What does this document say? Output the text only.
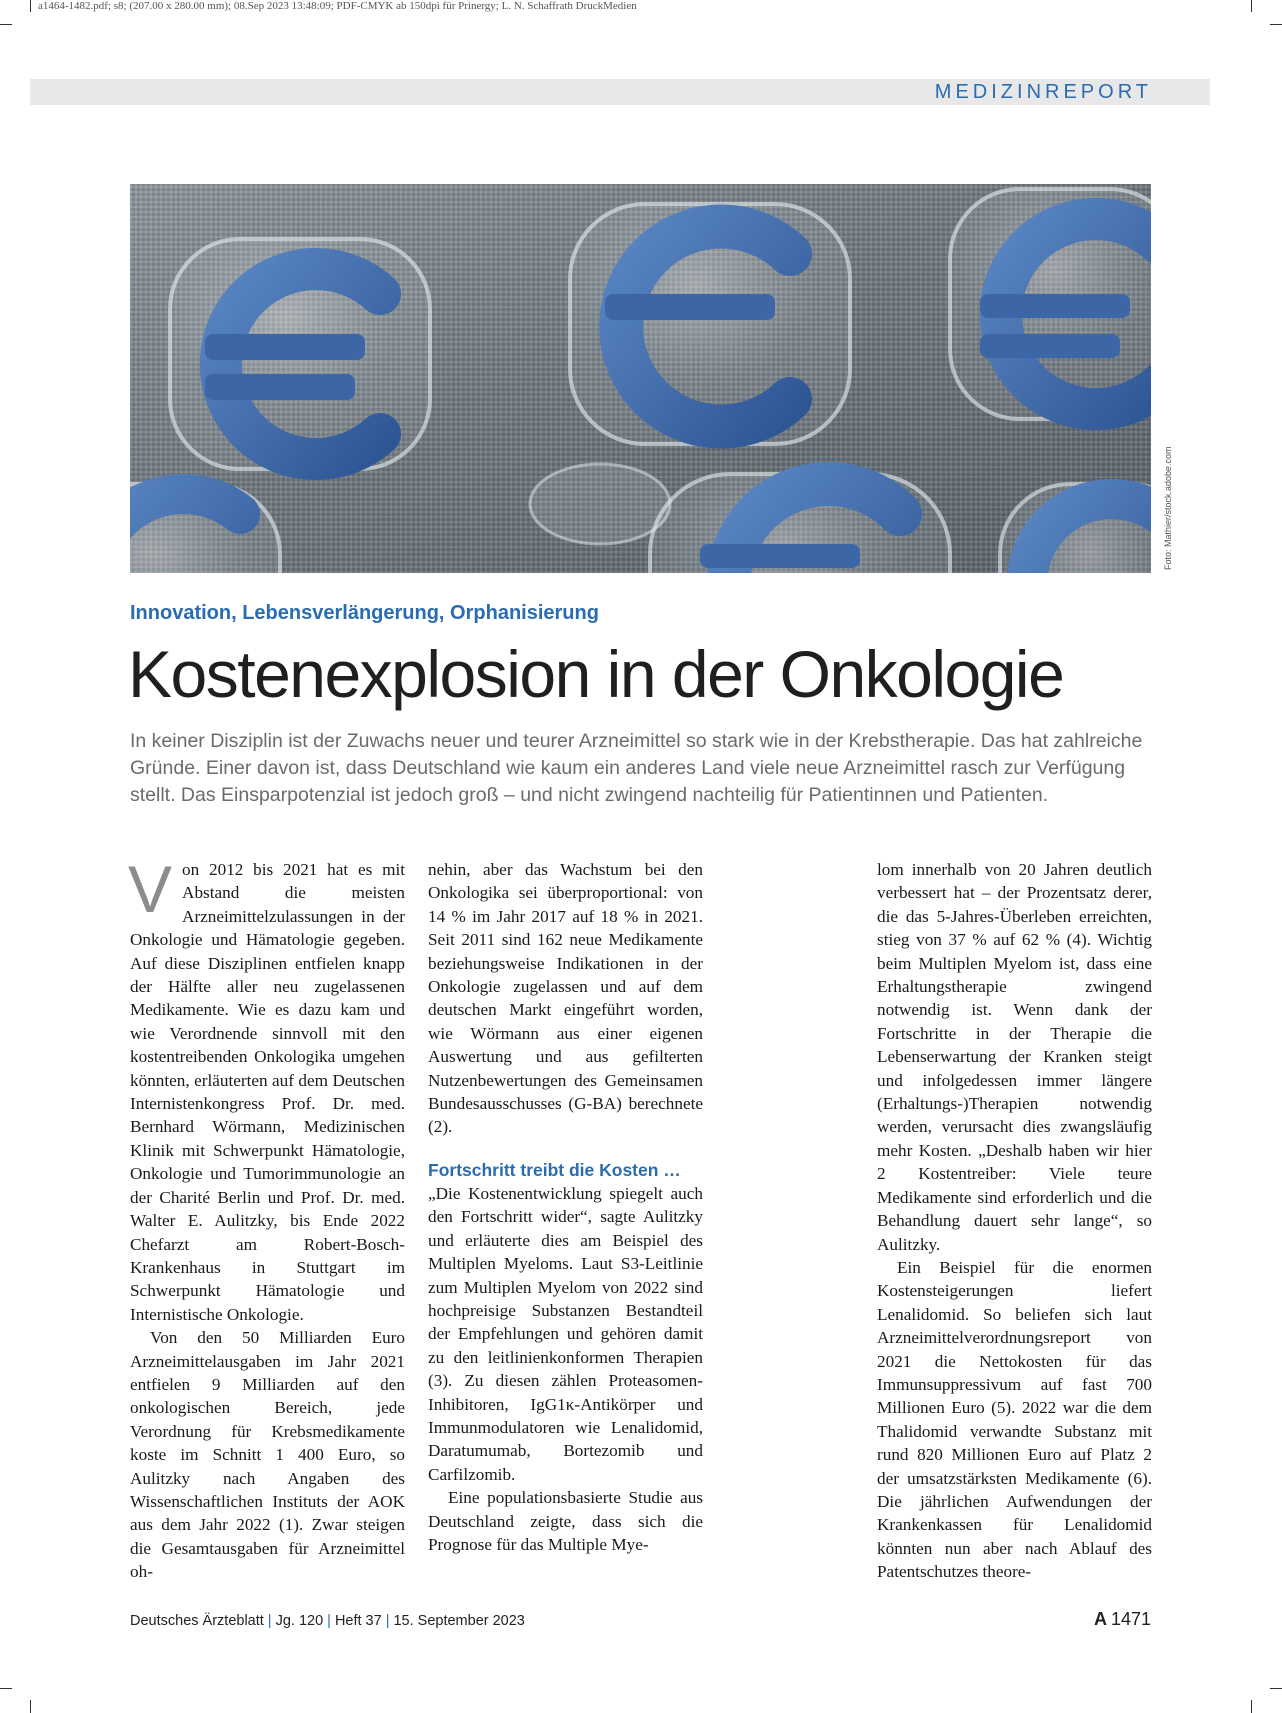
a1464-1482.pdf; s8; (207.00 x 280.00 mm); 08.Sep 2023 13:48:09; PDF-CMYK ab 150dpi für Prinergy; L. N. Schaffrath DruckMedien
MEDIZINREPORT
Foto: Mathier/stock.adobe.com
Innovation, Lebensverlängerung, Orphanisierung
Kostenexplosion in der Onkologie

In keiner Disziplin ist der Zuwachs neuer und teurer Arzneimittel so stark wie in der Krebstherapie. Das hat zahlreiche Gründe. Einer davon ist, dass Deutschland wie kaum ein anderes Land viele neue Arzneimittel rasch zur Verfügung stellt. Das Einsparpotenzial ist jedoch groß – und nicht zwingend nachteilig für Patientinnen und Patienten.

Von 2012 bis 2021 hat es mit Abstand die meisten Arzneimittelzulassungen in der Onkologie und Hämatologie gegeben. Auf diese Disziplinen entfielen knapp der Hälfte aller neu zugelassenen Medikamente. Wie es dazu kam und wie Verordnende sinnvoll mit den kostentreibenden Onkologika umgehen könnten, erläuterten auf dem Deutschen Internistenkongress Prof. Dr. med. Bernhard Wörmann, Medizinischen Klinik mit Schwerpunkt Hämatologie, Onkologie und Tumorimmunologie an der Charité Berlin und Prof. Dr. med. Walter E. Aulitzky, bis Ende 2022 Chefarzt am Robert-Bosch-Krankenhaus in Stuttgart im Schwerpunkt Hämatologie und Internistische Onkologie.

Von den 50 Milliarden Euro Arzneimittelausgaben im Jahr 2021 entfielen 9 Milliarden auf den onkologischen Bereich, jede Verordnung für Krebsmedikamente koste im Schnitt 1 400 Euro, so Aulitzky nach Angaben des Wissenschaftlichen Instituts der AOK aus dem Jahr 2022 (1). Zwar steigen die Gesamtausgaben für Arzneimittel oh-

nehin, aber das Wachstum bei den Onkologika sei überproportional: von 14 % im Jahr 2017 auf 18 % in 2021. Seit 2011 sind 162 neue Medikamente beziehungsweise Indikationen in der Onkologie zugelassen und auf dem deutschen Markt eingeführt worden, wie Wörmann aus einer eigenen Auswertung und aus gefilterten Nutzenbewertungen des Gemeinsamen Bundesausschusses (G-BA) berechnete (2).

Fortschritt treibt die Kosten …

„Die Kostenentwicklung spiegelt auch den Fortschritt wider“, sagte Aulitzky und erläuterte dies am Beispiel des Multiplen Myeloms. Laut S3-Leitlinie zum Multiplen Myelom von 2022 sind hochpreisige Substanzen Bestandteil der Empfehlungen und gehören damit zu den leitlinienkonformen Therapien (3). Zu diesen zählen Proteasomen-Inhibitoren, IgG1κ-Antikörper und Immunmodulatoren wie Lenalidomid, Daratumumab, Bortezomib und Carfilzomib.

Eine populationsbasierte Studie aus Deutschland zeigte, dass sich die Prognose für das Multiple Mye-

lom innerhalb von 20 Jahren deutlich verbessert hat – der Prozentsatz derer, die das 5-Jahres-Überleben erreichten, stieg von 37 % auf 62 % (4). Wichtig beim Multiplen Myelom ist, dass eine Erhaltungstherapie zwingend notwendig ist. Wenn dank der Fortschritte in der Therapie die Lebenserwartung der Kranken steigt und infolgedessen immer längere (Erhaltungs-)Therapien notwendig werden, verursacht dies zwangsläufig mehr Kosten. „Deshalb haben wir hier 2 Kostentreiber: Viele teure Medikamente sind erforderlich und die Behandlung dauert sehr lange“, so Aulitzky.

Ein Beispiel für die enormen Kostensteigerungen liefert Lenalidomid. So beliefen sich laut Arzneimittelverordnungsreport von 2021 die Nettokosten für das Immunsuppressivum auf fast 700 Millionen Euro (5). 2022 war die dem Thalidomid verwandte Substanz mit rund 820 Millionen Euro auf Platz 2 der umsatzstärksten Medikamente (6). Die jährlichen Aufwendungen der Krankenkassen für Lenalidomid könnten nun aber nach Ablauf des Patentschutzes theore-

Deutsches Ärzteblatt | Jg. 120 | Heft 37 | 15. September 2023	A 1471
